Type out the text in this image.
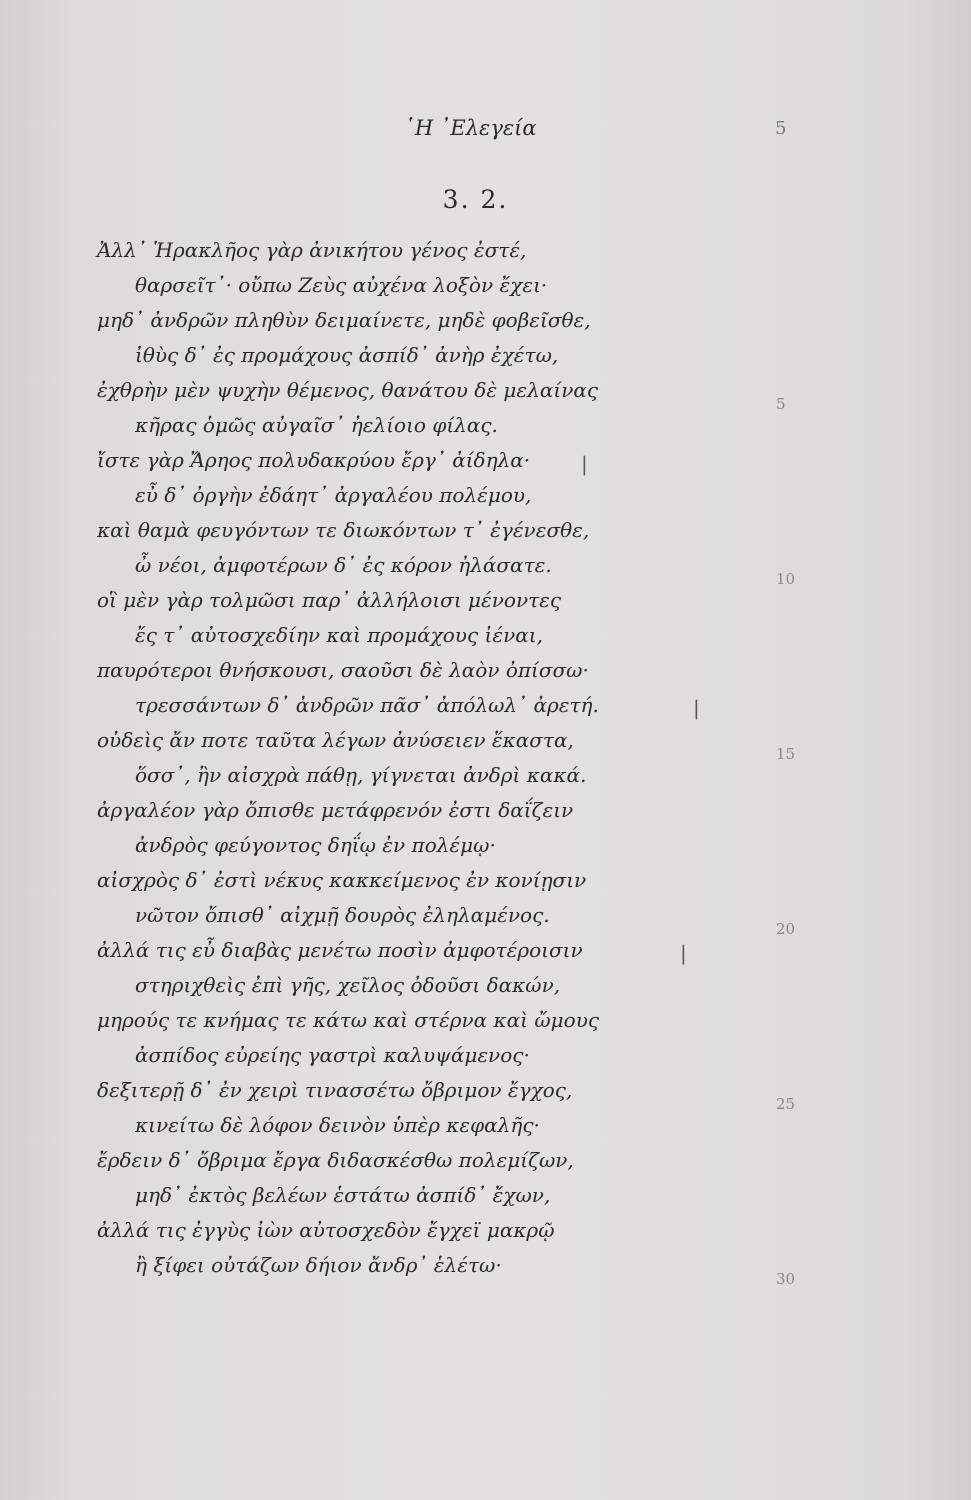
῾Η ᾿Ελεγεία	5
3. 2.
Ἀλλ᾿ Ἡρακλῆος γὰρ ἀνικήτου γένος ἐστέ,
θαρσεῖτ᾿· οὔπω Ζεὺς αὐχένα λοξὸν ἔχει·
μηδ᾿ ἀνδρῶν πληθὺν δειμαίνετε, μηδὲ φοβεῖσθε,
ἰθὺς δ᾿ ἐς προμάχους ἀσπίδ᾿ ἀνὴρ ἐχέτω,
ἐχθρὴν μὲν ψυχὴν θέμενος, θανάτου δὲ μελαίνας
κῆρας ὁμῶς αὐγαῖσ᾿ ἠελίοιο φίλας.
ἴστε γὰρ Ἄρηος πολυδακρύου ἔργ᾿ ἀίδηλα·
εὖ δ᾿ ὀργὴν ἐδάητ᾿ ἀργαλέου πολέμου,
καὶ θαμὰ φευγόντων τε διωκόντων τ᾿ ἐγένεσθε,
ὦ νέοι, ἀμφοτέρων δ᾿ ἐς κόρον ἠλάσατε.
οἳ μὲν γὰρ τολμῶσι παρ᾿ ἀλλήλοισι μένοντες
ἔς τ᾿ αὐτοσχεδίην καὶ προμάχους ἰέναι,
παυρότεροι θνήσκουσι, σαοῦσι δὲ λαὸν ὀπίσσω·
τρεσσάντων δ᾿ ἀνδρῶν πᾶσ᾿ ἀπόλωλ᾿ ἀρετή.
οὐδεὶς ἄν ποτε ταῦτα λέγων ἀνύσειεν ἕκαστα,
ὅσσ᾿, ἢν αἰσχρὰ πάθῃ, γίγνεται ἀνδρὶ κακά.
ἀργαλέον γὰρ ὄπισθε μετάφρενόν ἐστι δαΐζειν
ἀνδρὸς φεύγοντος δηΐῳ ἐν πολέμῳ·
αἰσχρὸς δ᾿ ἐστὶ νέκυς κακκείμενος ἐν κονίῃσιν
νῶτον ὄπισθ᾿ αἰχμῇ δουρὸς ἐληλαμένος.
ἀλλά τις εὖ διαβὰς μενέτω ποσὶν ἀμφοτέροισιν
στηριχθεὶς ἐπὶ γῆς, χεῖλος ὀδοῦσι δακών,
μηρούς τε κνήμας τε κάτω καὶ στέρνα καὶ ὤμους
ἀσπίδος εὐρείης γαστρὶ καλυψάμενος·
δεξιτερῇ δ᾿ ἐν χειρὶ τινασσέτω ὄβριμον ἔγχος,
κινείτω δὲ λόφον δεινὸν ὑπὲρ κεφαλῆς·
ἔρδειν δ᾿ ὄβριμα ἔργα διδασκέσθω πολεμίζων,
μηδ᾿ ἐκτὸς βελέων ἑστάτω ἀσπίδ᾿ ἔχων,
ἀλλά τις ἐγγὺς ἰὼν αὐτοσχεδὸν ἔγχεϊ μακρῷ
ἢ ξίφει οὐτάζων δήιον ἄνδρ᾿ ἑλέτω·
5
10
15
20
25
30
|
|
|
